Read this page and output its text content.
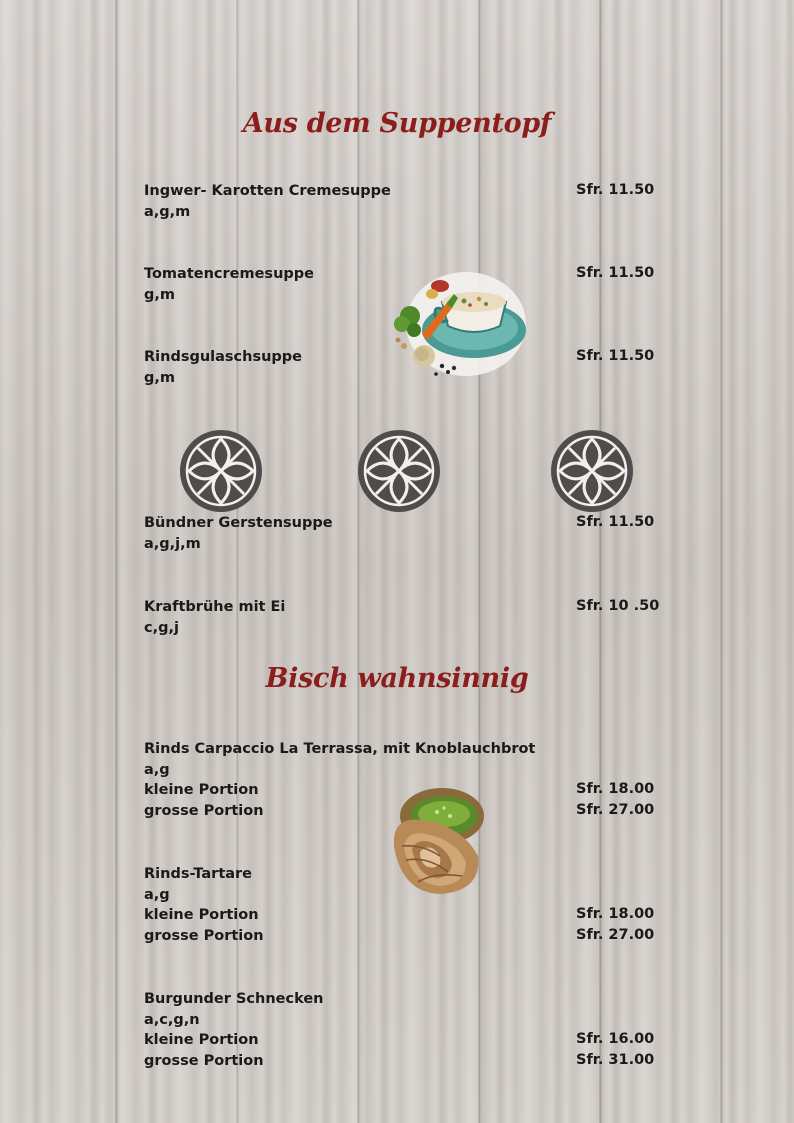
Aus dem Suppentopf
Ingwer- Karotten Cremesuppe	Sfr. 11.50
a,g,m
Tomatencremesuppe	Sfr. 11.50
g,m
Rindsgulaschsuppe	Sfr. 11.50
g,m
Bündner Gerstensuppe	Sfr. 11.50
a,g,j,m
Kraftbrühe mit Ei	Sfr. 10 .50
c,g,j
Bisch wahnsinnig
Rinds Carpaccio La Terrassa, mit Knoblauchbrot
a,g
kleine Portion	Sfr. 18.00
grosse Portion	Sfr. 27.00
Rinds-Tartare
a,g
kleine Portion	Sfr. 18.00
grosse Portion	Sfr. 27.00
Burgunder Schnecken
a,c,g,n
kleine Portion	Sfr. 16.00
grosse Portion	Sfr. 31.00
